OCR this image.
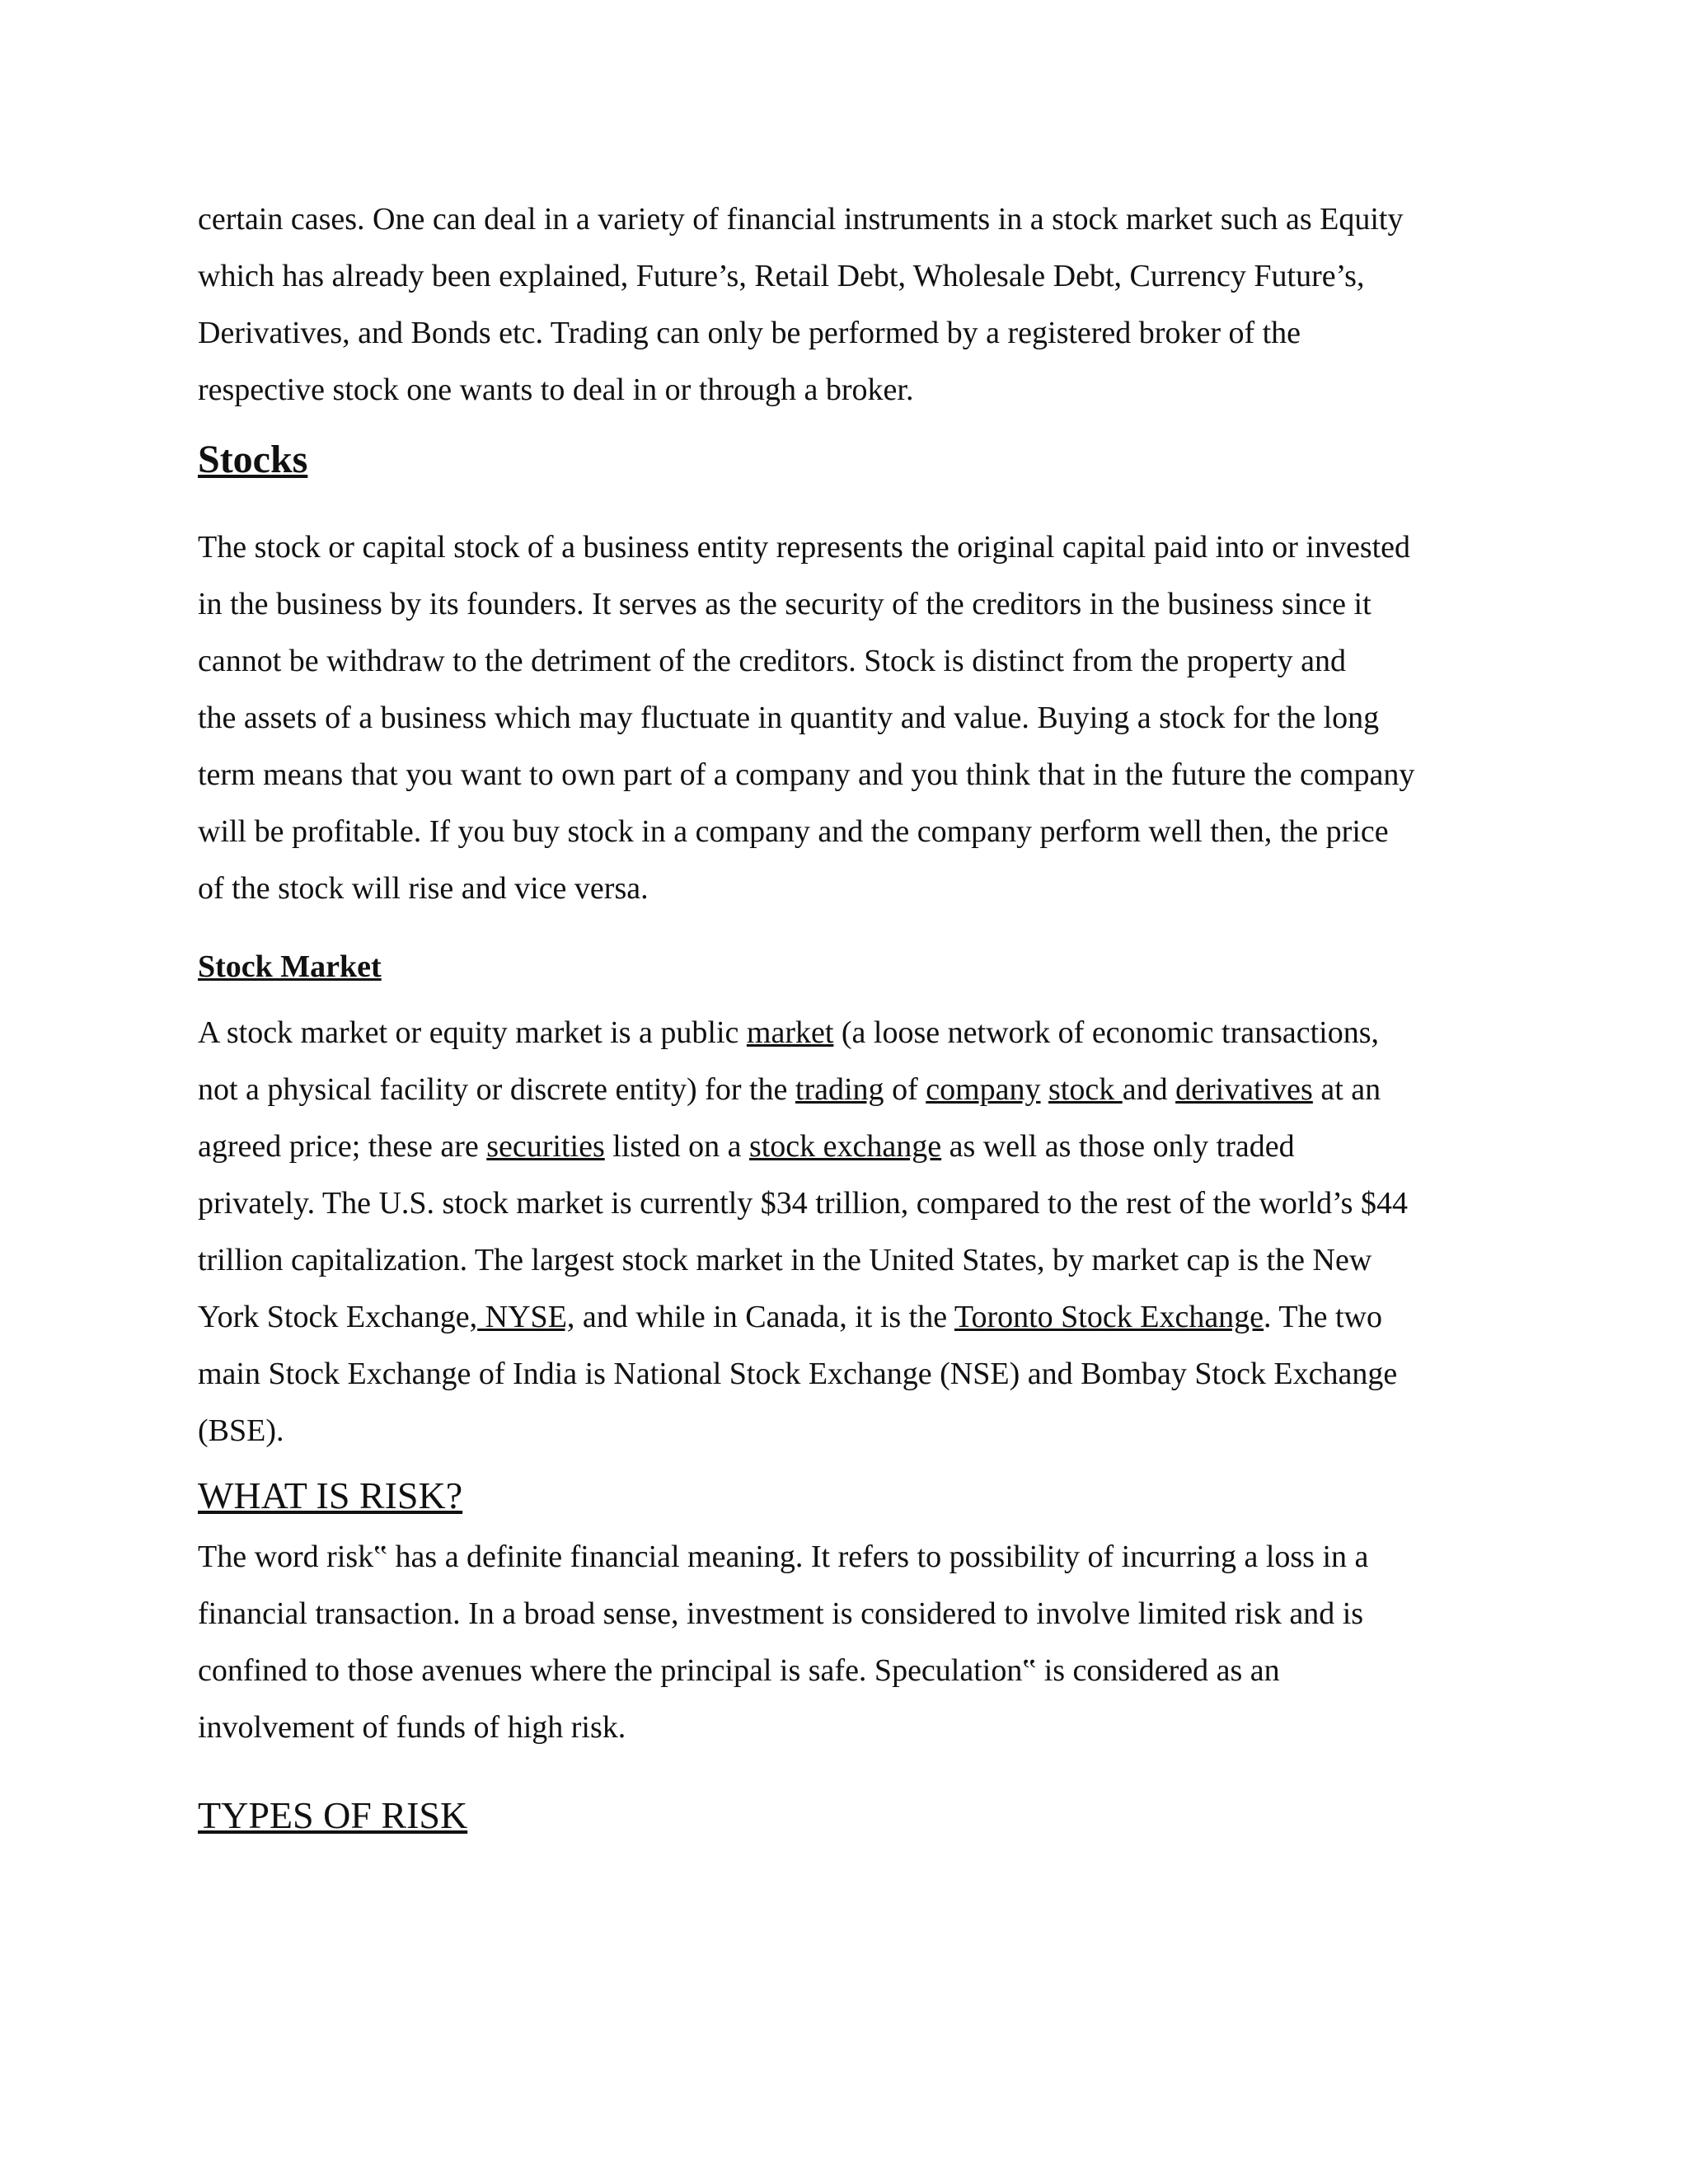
certain cases. One can deal in a variety of financial instruments in a stock market such as Equity
which has already been explained, Future’s, Retail Debt, Wholesale Debt, Currency Future’s,
Derivatives, and Bonds etc. Trading can only be performed by a registered broker of the
respective stock one wants to deal in or through a broker.

Stocks

The stock or capital stock of a business entity represents the original capital paid into or invested
in the business by its founders. It serves as the security of the creditors in the business since it
cannot be withdraw to the detriment of the creditors. Stock is distinct from the property and
the assets of a business which may fluctuate in quantity and value. Buying a stock for the long
term means that you want to own part of a company and you think that in the future the company
will be profitable. If you buy stock in a company and the company perform well then, the price
of the stock will rise and vice versa.

Stock Market

A stock market or equity market is a public market (a loose network of economic transactions,
not a physical facility or discrete entity) for the trading of company stock and derivatives at an
agreed price; these are securities listed on a stock exchange as well as those only traded
privately. The U.S. stock market is currently $34 trillion, compared to the rest of the world’s $44
trillion capitalization. The largest stock market in the United States, by market cap is the New
York Stock Exchange, NYSE, and while in Canada, it is the Toronto Stock Exchange. The two
main Stock Exchange of India is National Stock Exchange (NSE) and Bombay Stock Exchange
(BSE).

WHAT IS RISK?

The word risk‟ has a definite financial meaning. It refers to possibility of incurring a loss in a
financial transaction. In a broad sense, investment is considered to involve limited risk and is
confined to those avenues where the principal is safe. Speculation‟ is considered as an
involvement of funds of high risk.

TYPES OF RISK
